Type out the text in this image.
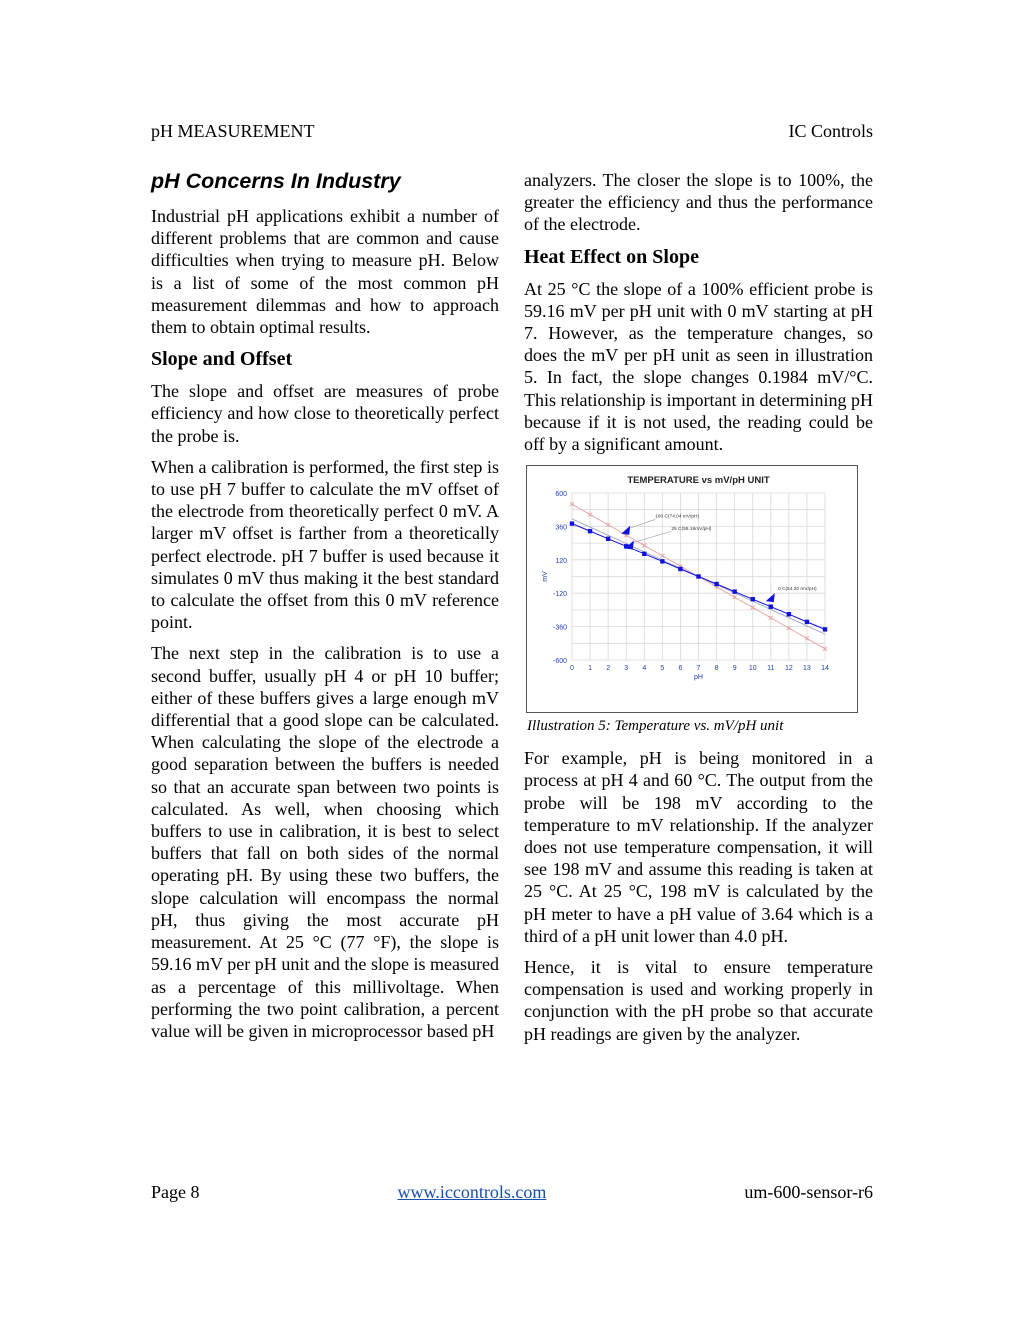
pH MEASUREMENT	IC Controls
pH Concerns In Industry

Industrial pH applications exhibit a number of different problems that are common and cause difficulties when trying to measure pH. Below is a list of some of the most common pH measurement dilemmas and how to approach them to obtain optimal results.

Slope and Offset

The slope and offset are measures of probe efficiency and how close to theoretically perfect the probe is.

When a calibration is performed, the first step is to use pH 7 buffer to calculate the mV offset of the electrode from theoretically perfect 0 mV. A larger mV offset is farther from a theoretically perfect electrode. pH 7 buffer is used because it simulates 0 mV thus making it the best standard to calculate the offset from this 0 mV reference point.

The next step in the calibration is to use a second buffer, usually pH 4 or pH 10 buffer; either of these buffers gives a large enough mV differential that a good slope can be calculated. When calculating the slope of the electrode a good separation between the buffers is needed so that an accurate span between two points is calculated. As well, when choosing which buffers to use in calibration, it is best to select buffers that fall on both sides of the normal operating pH. By using these two buffers, the slope calculation will encompass the normal pH, thus giving the most accurate pH measurement. At 25 °C (77 °F), the slope is 59.16 mV per pH unit and the slope is measured as a percentage of this millivoltage. When performing the two point calibration, a percent value will be given in microprocessor based pH

analyzers. The closer the slope is to 100%, the greater the efficiency and thus the performance of the electrode.

Heat Effect on Slope

At 25 °C the slope of a 100% efficient probe is 59.16 mV per pH unit with 0 mV starting at pH 7. However, as the temperature changes, so does the mV per pH unit as seen in illustration 5. In fact, the slope changes 0.1984 mV/°C. This relationship is important in determining pH because if it is not used, the reading could be off by a significant amount.

TEMPERATURE vs mV/pH UNIT
600
360
120
-120
-360
-600
0 1 2 3 4 5 6 7 8 9 10 11 12 13 14
pH
mV
100 C(74.04 mV/pH)
25 C(59.16mV/pH)
0 C(54.20 mV/pH)
Illustration 5: Temperature vs. mV/pH unit

For example, pH is being monitored in a process at pH 4 and 60 °C. The output from the probe will be 198 mV according to the temperature to mV relationship. If the analyzer does not use temperature compensation, it will see 198 mV and assume this reading is taken at 25 °C. At 25 °C, 198 mV is calculated by the pH meter to have a pH value of 3.64 which is a third of a pH unit lower than 4.0 pH.

Hence, it is vital to ensure temperature compensation is used and working properly in conjunction with the pH probe so that accurate pH readings are given by the analyzer.

Page 8	www.iccontrols.com	um-600-sensor-r6
